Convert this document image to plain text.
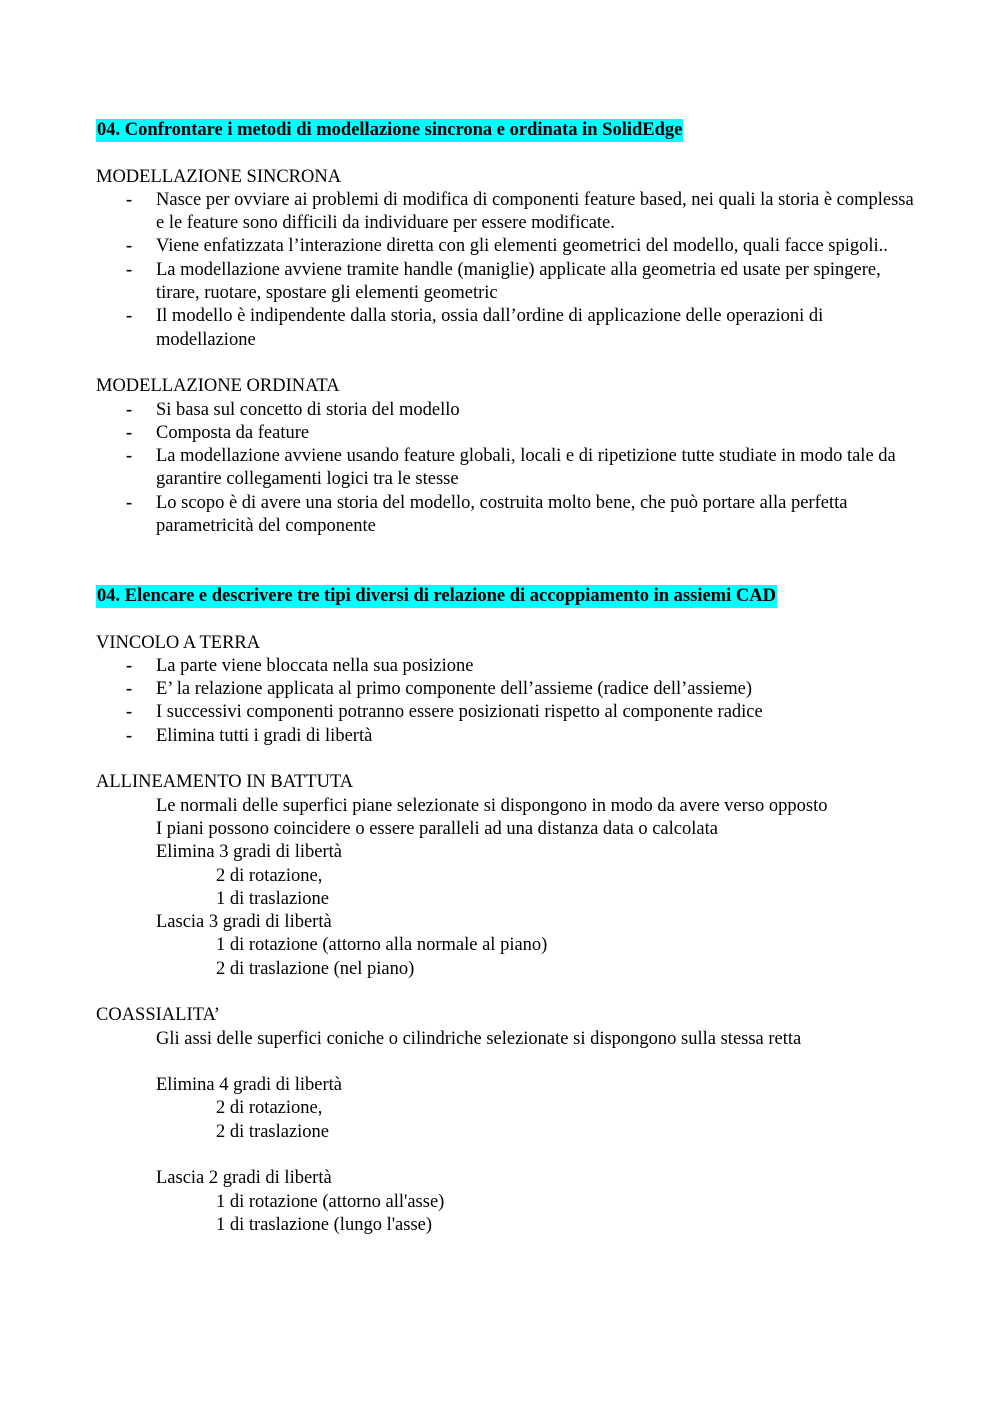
04. Confrontare i metodi di modellazione sincrona e ordinata in SolidEdge
MODELLAZIONE SINCRONA
- Nasce per ovviare ai problemi di modifica di componenti feature based, nei quali la storia è complessa e le feature sono difficili da individuare per essere modificate.
- Viene enfatizzata l’interazione diretta con gli elementi geometrici del modello, quali facce spigoli..
- La modellazione avviene tramite handle (maniglie) applicate alla geometria ed usate per spingere, tirare, ruotare, spostare gli elementi geometric
- Il modello è indipendente dalla storia, ossia dall’ordine di applicazione delle operazioni di modellazione
MODELLAZIONE ORDINATA
- Si basa sul concetto di storia del modello
- Composta da feature
- La modellazione avviene usando feature globali, locali e di ripetizione tutte studiate in modo tale da garantire collegamenti logici tra le stesse
- Lo scopo è di avere una storia del modello, costruita molto bene, che può portare alla perfetta parametricità del componente
04. Elencare e descrivere tre tipi diversi di relazione di accoppiamento in assiemi CAD
VINCOLO A TERRA
- La parte viene bloccata nella sua posizione
- E’ la relazione applicata al primo componente dell’assieme (radice dell’assieme)
- I successivi componenti potranno essere posizionati rispetto al componente radice
- Elimina tutti i gradi di libertà
ALLINEAMENTO IN BATTUTA
Le normali delle superfici piane selezionate si dispongono in modo da avere verso opposto
I piani possono coincidere o essere paralleli ad una distanza data o calcolata
Elimina 3 gradi di libertà
2 di rotazione,
1 di traslazione
Lascia 3 gradi di libertà
1 di rotazione (attorno alla normale al piano)
2 di traslazione (nel piano)
COASSIALITA’
Gli assi delle superfici coniche o cilindriche selezionate si dispongono sulla stessa retta
Elimina 4 gradi di libertà
2 di rotazione,
2 di traslazione
Lascia 2 gradi di libertà
1 di rotazione (attorno all'asse)
1 di traslazione (lungo l'asse)
